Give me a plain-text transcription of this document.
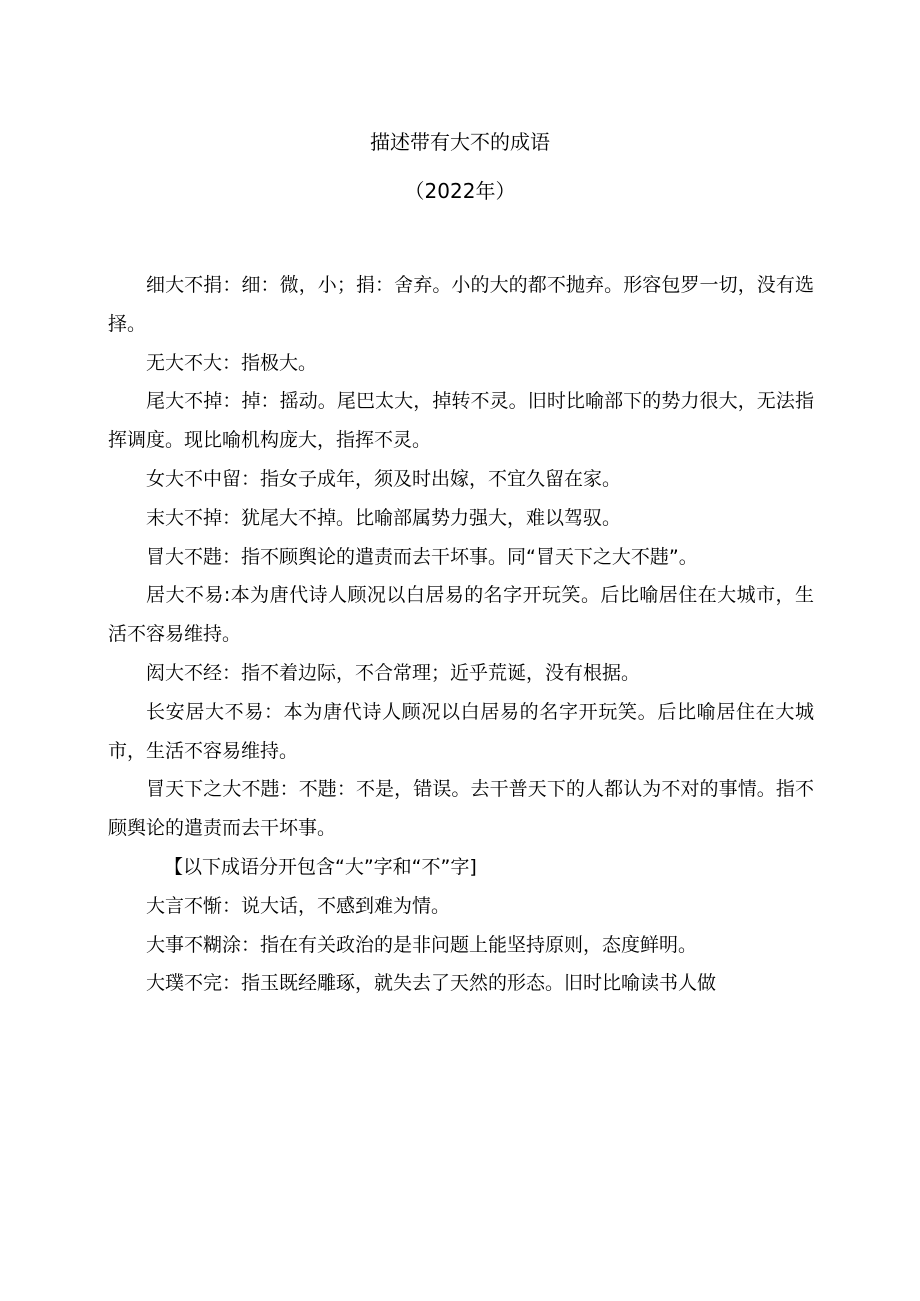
描述带有大不的成语
（2022年）

细大不捐：细：微，小；捐：舍弃。小的大的都不抛弃。形容包罗一切，没有选择。

无大不大：指极大。

尾大不掉：掉：摇动。尾巴太大，掉转不灵。旧时比喻部下的势力很大，无法指挥调度。现比喻机构庞大，指挥不灵。

女大不中留：指女子成年，须及时出嫁，不宜久留在家。

末大不掉：犹尾大不掉。比喻部属势力强大，难以驾驭。

冒大不韪：指不顾舆论的遣责而去干坏事。同“冒天下之大不韪”。

居大不易:本为唐代诗人顾况以白居易的名字开玩笑。后比喻居住在大城市，生活不容易维持。

闳大不经：指不着边际，不合常理；近乎荒诞，没有根据。

长安居大不易：本为唐代诗人顾况以白居易的名字开玩笑。后比喻居住在大城市，生活不容易维持。

冒天下之大不韪：不韪：不是，错误。去干普天下的人都认为不对的事情。指不顾舆论的遣责而去干坏事。

【以下成语分开包含“大”字和“不”字]

大言不惭：说大话，不感到难为情。

大事不糊涂：指在有关政治的是非问题上能坚持原则，态度鲜明。

大璞不完：指玉既经雕琢，就失去了天然的形态。旧时比喻读书人做
